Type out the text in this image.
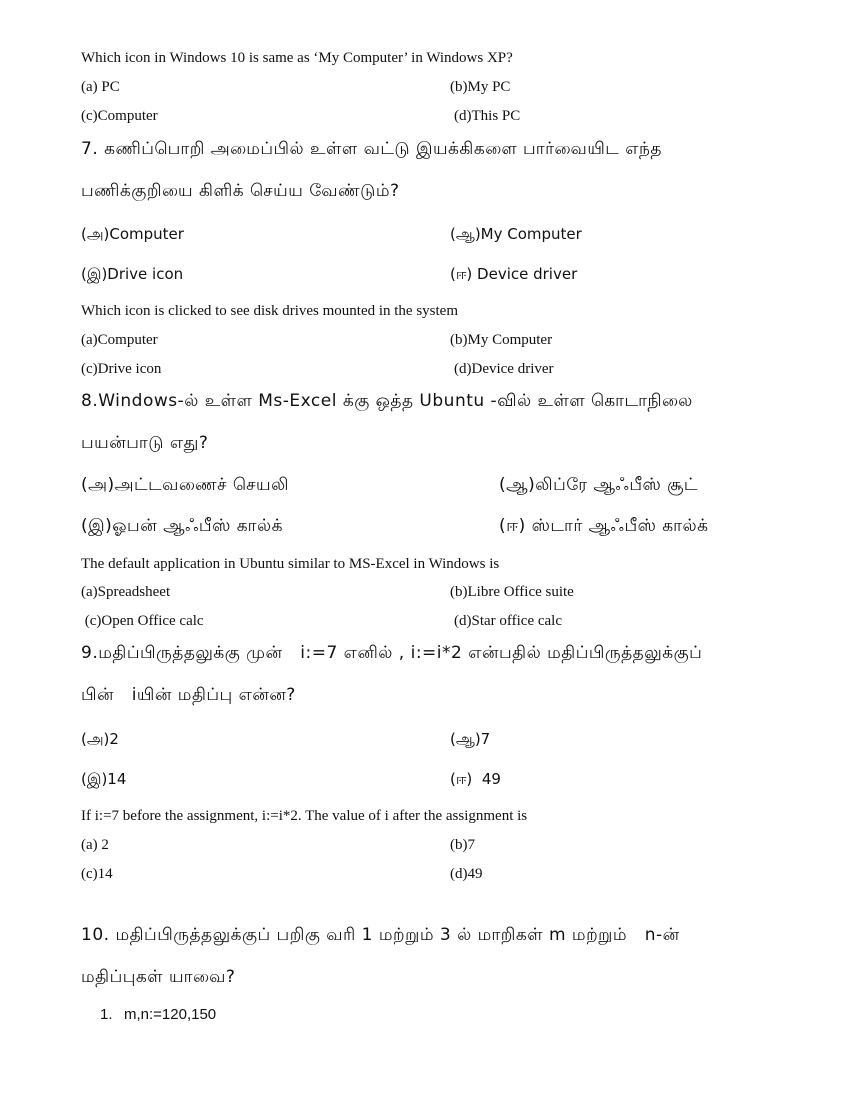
Which icon in Windows 10 is same as ‘My Computer’ in Windows XP?
(a) PC	(b)My PC
(c)Computer	(d)This PC
7. கணிப்பொறி அமைப்பில் உள்ள வட்டு இயக்கிகளை பார்வையிட எந்த
பணிக்குறியை கிளிக் செய்ய வேண்டும்?
(அ)Computer	(ஆ)My Computer
(இ)Drive icon	(ஈ) Device driver
Which icon is clicked to see disk drives mounted in the system
(a)Computer	(b)My Computer
(c)Drive icon	(d)Device driver
8.Windows-ல் உள்ள Ms-Excel க்கு ஒத்த Ubuntu -வில் உள்ள கொடாநிலை
பயன்பாடு எது?
(அ)அட்டவணைச் செயலி	(ஆ)லிப்ரே ஆஃபீஸ் சூட்
(இ)ஓபன் ஆஃபீஸ் கால்க்	(ஈ) ஸ்டார் ஆஃபீஸ் கால்க்
The default application in Ubuntu similar to MS-Excel in Windows is
(a)Spreadsheet	(b)Libre Office suite
(c)Open Office calc	(d)Star office calc
9.மதிப்பிருத்தலுக்கு முன்   i:=7 எனில் , i:=i*2 என்பதில் மதிப்பிருத்தலுக்குப்
பின்   iயின் மதிப்பு என்ன?
(அ)2	(ஆ)7
(இ)14	(ஈ)  49
If i:=7 before the assignment, i:=i*2. The value of i after the assignment is
(a) 2	(b)7
(c)14	(d)49
10. மதிப்பிருத்தலுக்குப் பறிகு வரி 1 மற்றும் 3 ல் மாறிகள் m மற்றும்   n-ன்
மதிப்புகள் யாவை?
1. m,n:=120,150
